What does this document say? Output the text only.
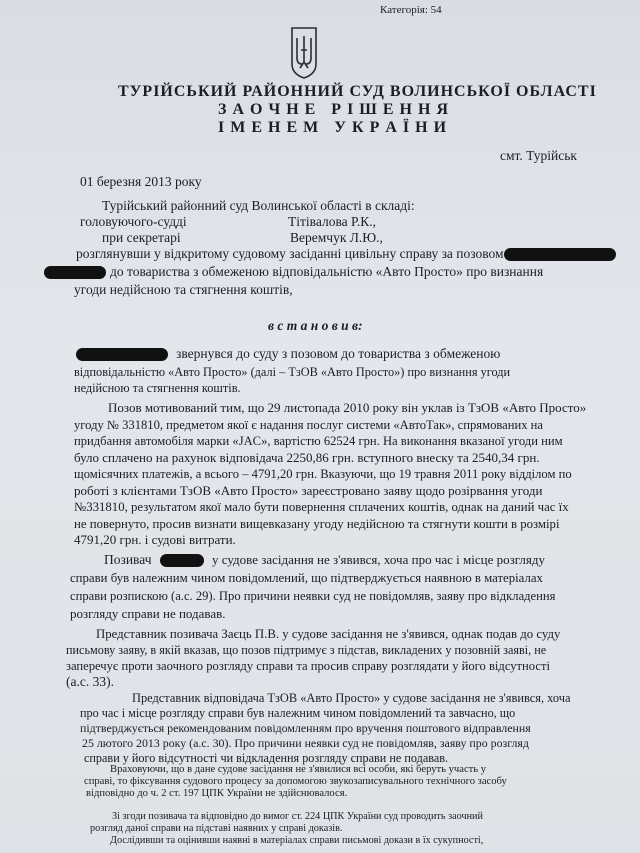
Категорія: 54
ТУРІЙСЬКИЙ РАЙОННИЙ СУД ВОЛИНСЬКОЇ ОБЛАСТІ
З А О Ч Н Е   Р І Ш Е Н Н Я
І М Е Н Е М   У К Р А Ї Н И
смт. Турійськ
01 березня 2013 року
Турійський районний суд Волинської області в складі:
головуючого-судді	Тітівалова Р.К.,
при секретарі	Веремчук Л.Ю.,
розглянувши у відкритому судовому засіданні цивільну справу за позовом
до товариства з обмеженою відповідальністю «Авто Просто» про визнання
угоди недійсною та стягнення коштів,
в с т а н о в и в:
звернувся до суду з позовом до товариства з обмеженою
відповідальністю «Авто Просто» (далі – ТзОВ «Авто Просто») про визнання угоди
недійсною та стягнення коштів.
Позов мотивований тим, що 29 листопада 2010 року він уклав із ТзОВ «Авто Просто»
угоду № 331810, предметом якої є надання послуг системи «АвтоТак», спрямованих на
придбання автомобіля марки «JAC», вартістю 62524 грн. На виконання вказаної угоди ним
було сплачено на рахунок відповідача 2250,86 грн. вступного внеску та 2540,34 грн.
щомісячних платежів, а всього – 4791,20 грн. Вказуючи, що 19 травня 2011 року відділом по
роботі з клієнтами ТзОВ «Авто Просто» зареєстровано заяву щодо розірвання угоди
№331810, результатом якої мало бути повернення сплачених коштів, однак на даний час їх
не повернуто, просив визнати вищевказану угоду недійсною та стягнути кошти в розмірі
4791,20 грн. і судові витрати.
Позивач	у судове засідання не з'явився, хоча про час і місце розгляду
справи був належним чином повідомлений, що підтверджується наявною в матеріалах
справи розпискою (а.с. 29). Про причини неявки суд не повідомляв, заяву про відкладення
розгляду справи не подавав.
Представник позивача Заєць П.В. у судове засідання не з'явився, однак подав до суду
письмову заяву, в якій вказав, що позов підтримує з підстав, викладених у позовній заяві, не
заперечує проти заочного розгляду справи та просив справу розглядати у його відсутності
(а.с. 33).
Представник відповідача ТзОВ «Авто Просто» у судове засідання не з'явився, хоча
про час і місце розгляду справи був належним чином повідомлений та завчасно, що
підтверджується рекомендованим повідомленням про вручення поштового відправлення
25 лютого 2013 року (а.с. 30). Про причини неявки суд не повідомляв, заяву про розгляд
справи у його відсутності чи відкладення розгляду справи не подавав.
Враховуючи, що в дане судове засідання не з'явилися всі особи, які беруть участь у
справі, то фіксування судового процесу за допомогою звукозаписувального технічного засобу
відповідно до ч. 2 ст. 197 ЦПК України не здійснювалося.
Зі згоди позивача та відповідно до вимог ст. 224 ЦПК України суд проводить заочний
розгляд даної справи на підставі наявних у справі доказів.
Дослідивши та оцінивши наявні в матеріалах справи письмові докази в їх сукупності,
